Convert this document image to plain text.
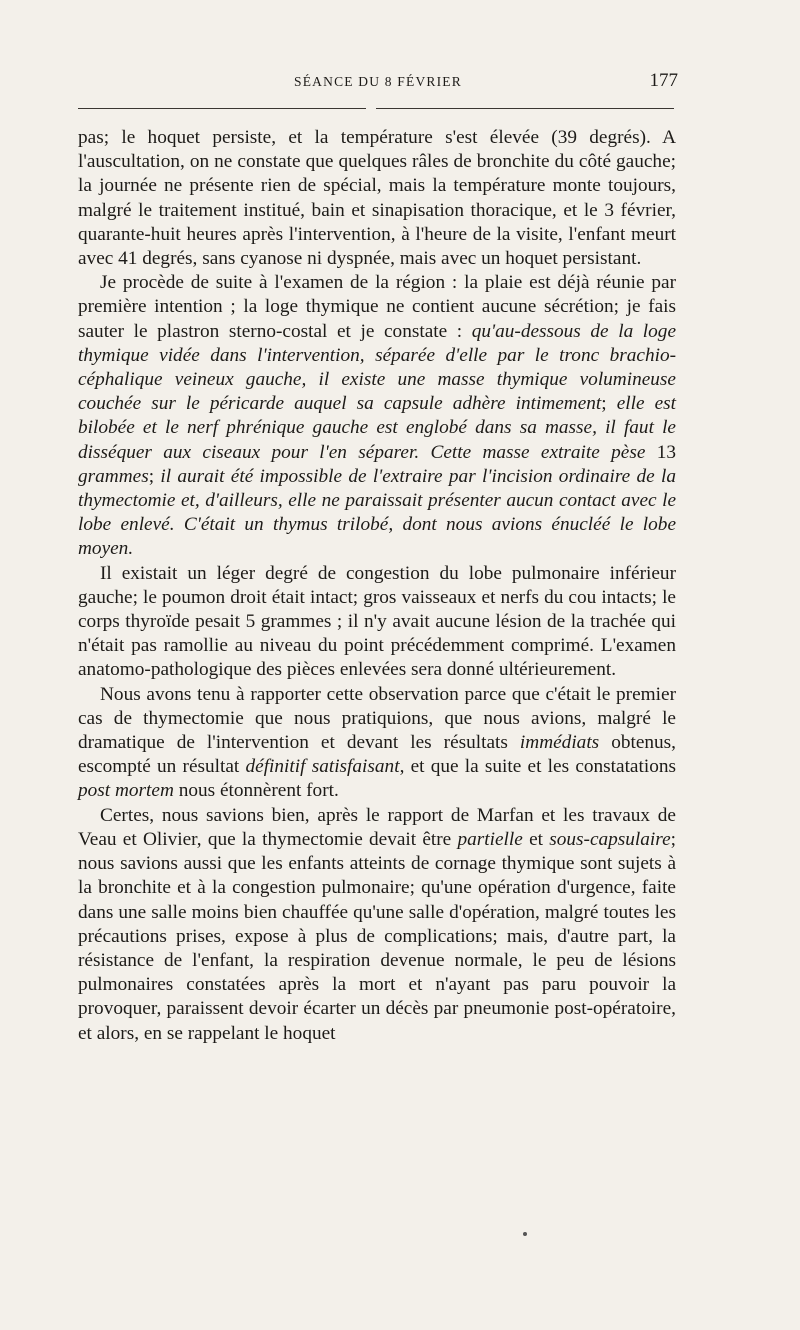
SÉANCE DU 8 FÉVRIER	177

pas; le hoquet persiste, et la température s'est élevée (39 degrés). A l'auscultation, on ne constate que quelques râles de bronchite du côté gauche; la journée ne présente rien de spécial, mais la température monte toujours, malgré le traitement institué, bain et sinapisation thoracique, et le 3 février, quarante-huit heures après l'intervention, à l'heure de la visite, l'enfant meurt avec 41 degrés, sans cyanose ni dyspnée, mais avec un hoquet persistant.

Je procède de suite à l'examen de la région : la plaie est déjà réunie par première intention ; la loge thymique ne contient aucune sécrétion; je fais sauter le plastron sterno-costal et je constate : qu'au-dessous de la loge thymique vidée dans l'intervention, séparée d'elle par le tronc brachio-céphalique veineux gauche, il existe une masse thymique volumineuse couchée sur le péricarde auquel sa capsule adhère intimement; elle est bilobée et le nerf phrénique gauche est englobé dans sa masse, il faut le disséquer aux ciseaux pour l'en séparer. Cette masse extraite pèse 13 grammes; il aurait été impossible de l'extraire par l'incision ordinaire de la thymectomie et, d'ailleurs, elle ne paraissait présenter aucun contact avec le lobe enlevé. C'était un thymus trilobé, dont nous avions énucléé le lobe moyen.

Il existait un léger degré de congestion du lobe pulmonaire inférieur gauche; le poumon droit était intact; gros vaisseaux et nerfs du cou intacts; le corps thyroïde pesait 5 grammes ; il n'y avait aucune lésion de la trachée qui n'était pas ramollie au niveau du point précédemment comprimé. L'examen anatomo-pathologique des pièces enlevées sera donné ultérieurement.

Nous avons tenu à rapporter cette observation parce que c'était le premier cas de thymectomie que nous pratiquions, que nous avions, malgré le dramatique de l'intervention et devant les résultats immédiats obtenus, escompté un résultat définitif satisfaisant, et que la suite et les constatations post mortem nous étonnèrent fort.

Certes, nous savions bien, après le rapport de Marfan et les travaux de Veau et Olivier, que la thymectomie devait être partielle et sous-capsulaire; nous savions aussi que les enfants atteints de cornage thymique sont sujets à la bronchite et à la congestion pulmonaire; qu'une opération d'urgence, faite dans une salle moins bien chauffée qu'une salle d'opération, malgré toutes les précautions prises, expose à plus de complications; mais, d'autre part, la résistance de l'enfant, la respiration devenue normale, le peu de lésions pulmonaires constatées après la mort et n'ayant pas paru pouvoir la provoquer, paraissent devoir écarter un décès par pneumonie post-opératoire, et alors, en se rappelant le hoquet
